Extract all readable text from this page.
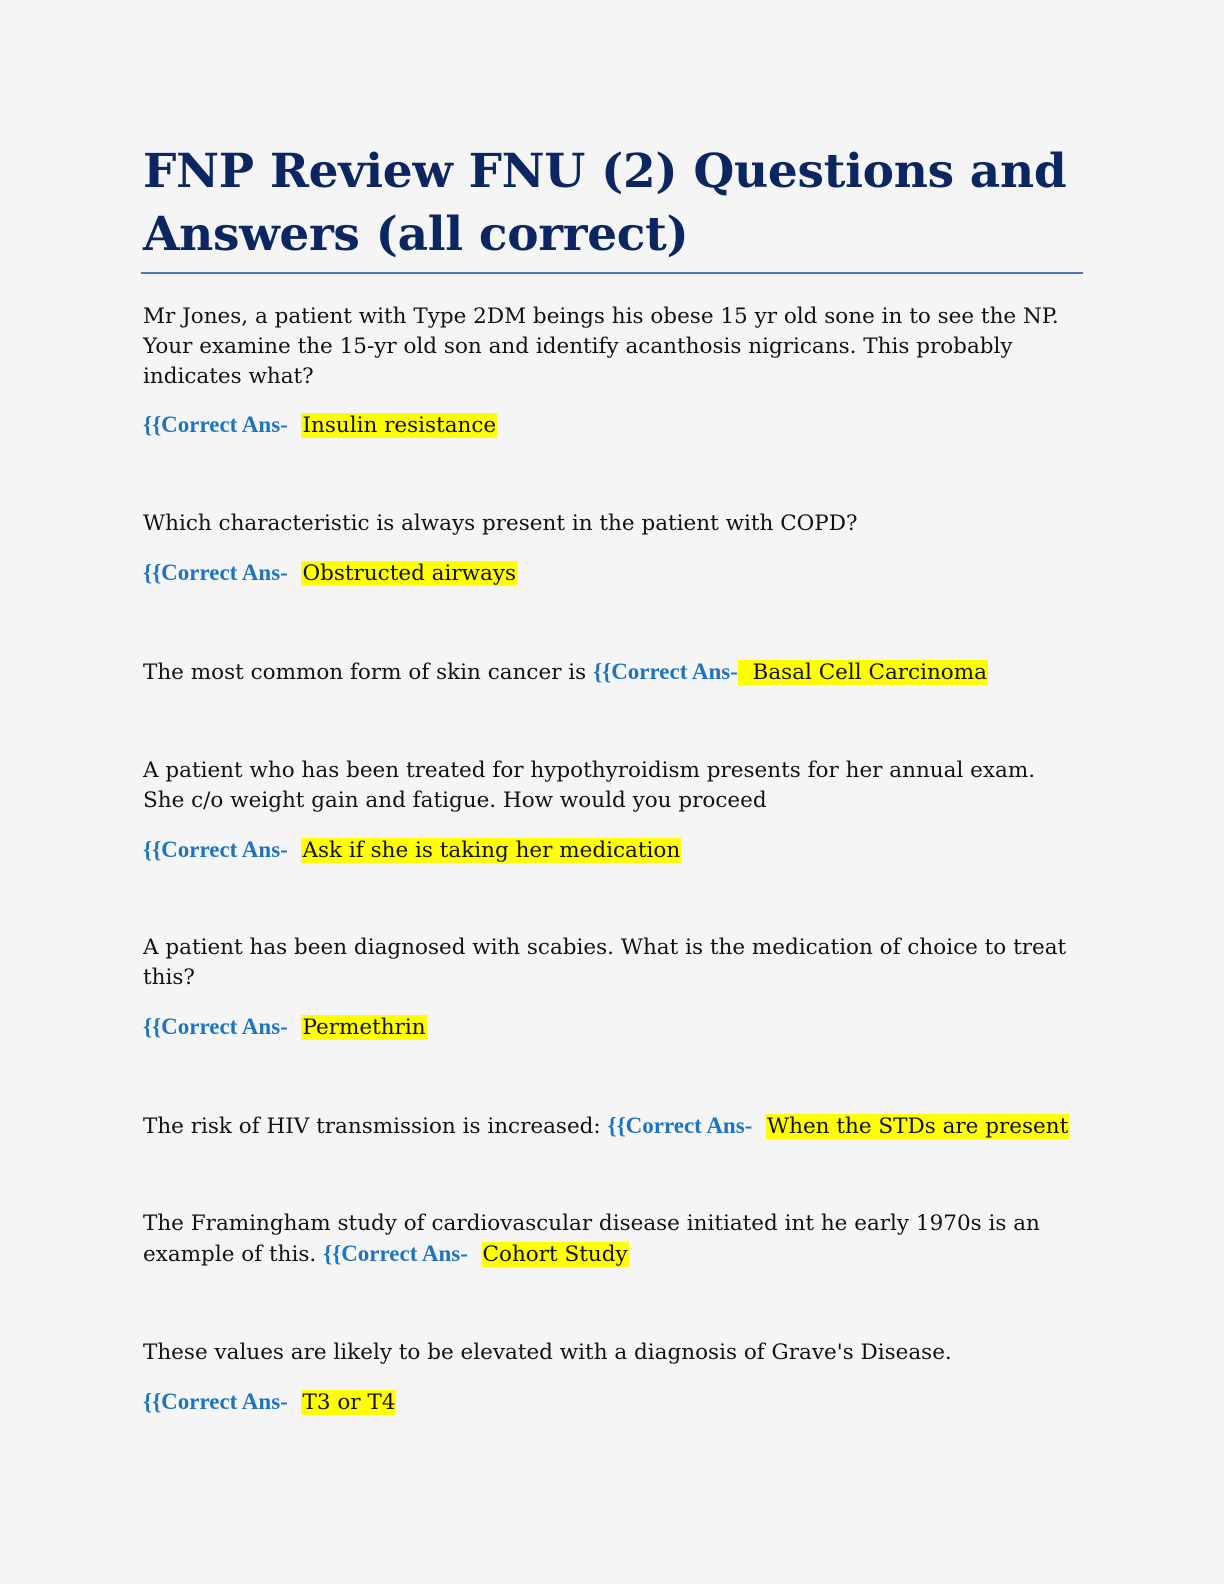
FNP Review FNU (2) Questions and Answers (all correct)
Mr Jones, a patient with Type 2DM beings his obese 15 yr old sone in to see the NP. Your examine the 15-yr old son and identify acanthosis nigricans. This probably indicates what?
{{Correct Ans- Insulin resistance
Which characteristic is always present in the patient with COPD?
{{Correct Ans- Obstructed airways
The most common form of skin cancer is {{Correct Ans- Basal Cell Carcinoma
A patient who has been treated for hypothyroidism presents for her annual exam. She c/o weight gain and fatigue. How would you proceed
{{Correct Ans- Ask if she is taking her medication
A patient has been diagnosed with scabies. What is the medication of choice to treat this?
{{Correct Ans- Permethrin
The risk of HIV transmission is increased: {{Correct Ans- When the STDs are present
The Framingham study of cardiovascular disease initiated int he early 1970s is an example of this. {{Correct Ans- Cohort Study
These values are likely to be elevated with a diagnosis of Grave's Disease.
{{Correct Ans- T3 or T4
